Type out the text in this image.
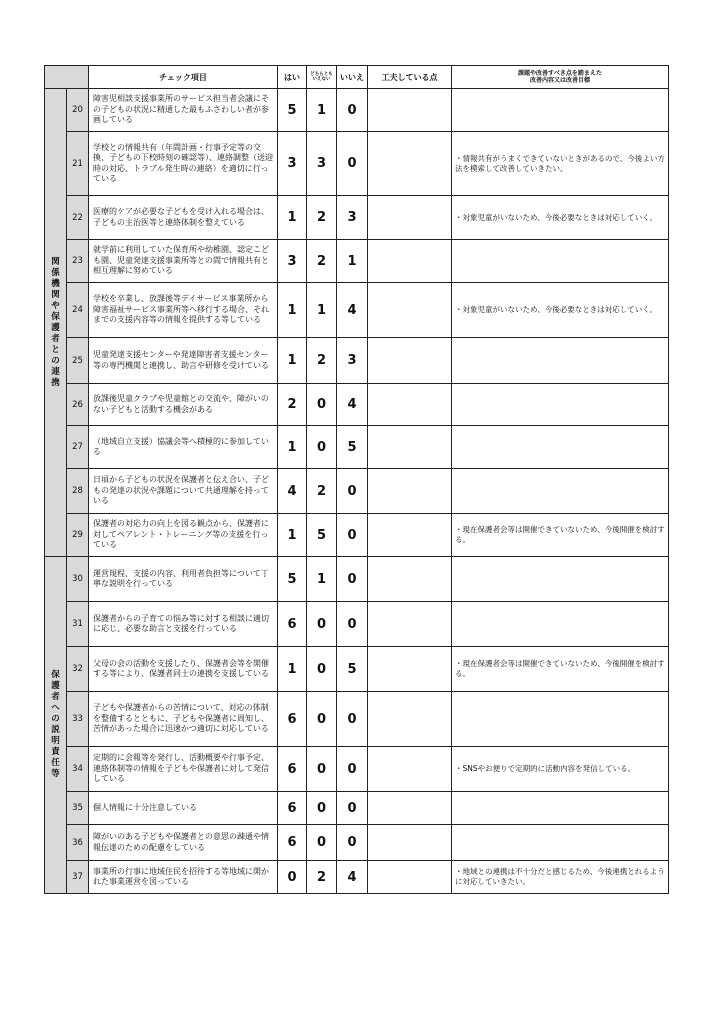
		チェック項目	はい	どちらとも
いえない	いいえ	工夫している点	課題や改善すべき点を踏まえた
改善内容又は改善目標
関係機関や保護者との連携	20	障害児相談支援事業所のサービス担当者会議にその子どもの状況に精通した最もふさわしい者が参画している	5	1	0		
	21	学校との情報共有（年間計画・行事予定等の交換、子どもの下校時刻の確認等）、連絡調整（送迎時の対応、トラブル発生時の連絡）を適切に行っている	3	3	0		・情報共有がうまくできていないときがあるので、今後よい方法を模索して改善していきたい。
	22	医療的ケアが必要な子どもを受け入れる場合は、子どもの主治医等と連絡体制を整えている	1	2	3		・対象児童がいないため、今後必要なときは対応していく。
	23	就学前に利用していた保育所や幼稚園、認定こども園、児童発達支援事業所等との間で情報共有と相互理解に努めている	3	2	1		
	24	学校を卒業し、放課後等デイサービス事業所から障害福祉サービス事業所等へ移行する場合、それまでの支援内容等の情報を提供する等している	1	1	4		・対象児童がいないため、今後必要なときは対応していく。
	25	児童発達支援センターや発達障害者支援センター等の専門機関と連携し、助言や研修を受けている	1	2	3		
	26	放課後児童クラブや児童館との交流や、障がいのない子どもと活動する機会がある	2	0	4		
	27	（地域自立支援）協議会等へ積極的に参加している	1	0	5		
	28	日頃から子どもの状況を保護者と伝え合い、子どもの発達の状況や課題について共通理解を持っている	4	2	0		
	29	保護者の対応力の向上を図る観点から、保護者に対してペアレント・トレーニング等の支援を行っている	1	5	0		・現在保護者会等は開催できていないため、今後開催を検討する。
保護者への説明責任等	30	運営規程、支援の内容、利用者負担等について丁寧な説明を行っている	5	1	0		
	31	保護者からの子育ての悩み等に対する相談に適切に応じ、必要な助言と支援を行っている	6	0	0		
	32	父母の会の活動を支援したり、保護者会等を開催する等により、保護者同士の連携を支援している	1	0	5		・現在保護者会等は開催できていないため、今後開催を検討する。
	33	子どもや保護者からの苦情について、対応の体制を整備するとともに、子どもや保護者に周知し、苦情があった場合に迅速かつ適切に対応している	6	0	0		
	34	定期的に会報等を発行し、活動概要や行事予定、連絡体制等の情報を子どもや保護者に対して発信している	6	0	0		・SNSやお便りで定期的に活動内容を発信している。
	35	個人情報に十分注意している	6	0	0		
	36	障がいのある子どもや保護者との意思の疎通や情報伝達のための配慮をしている	6	0	0		
	37	事業所の行事に地域住民を招待する等地域に開かれた事業運営を図っている	0	2	4		・地域との連携は不十分だと感じるため、今後連携とれるように対応していきたい。
